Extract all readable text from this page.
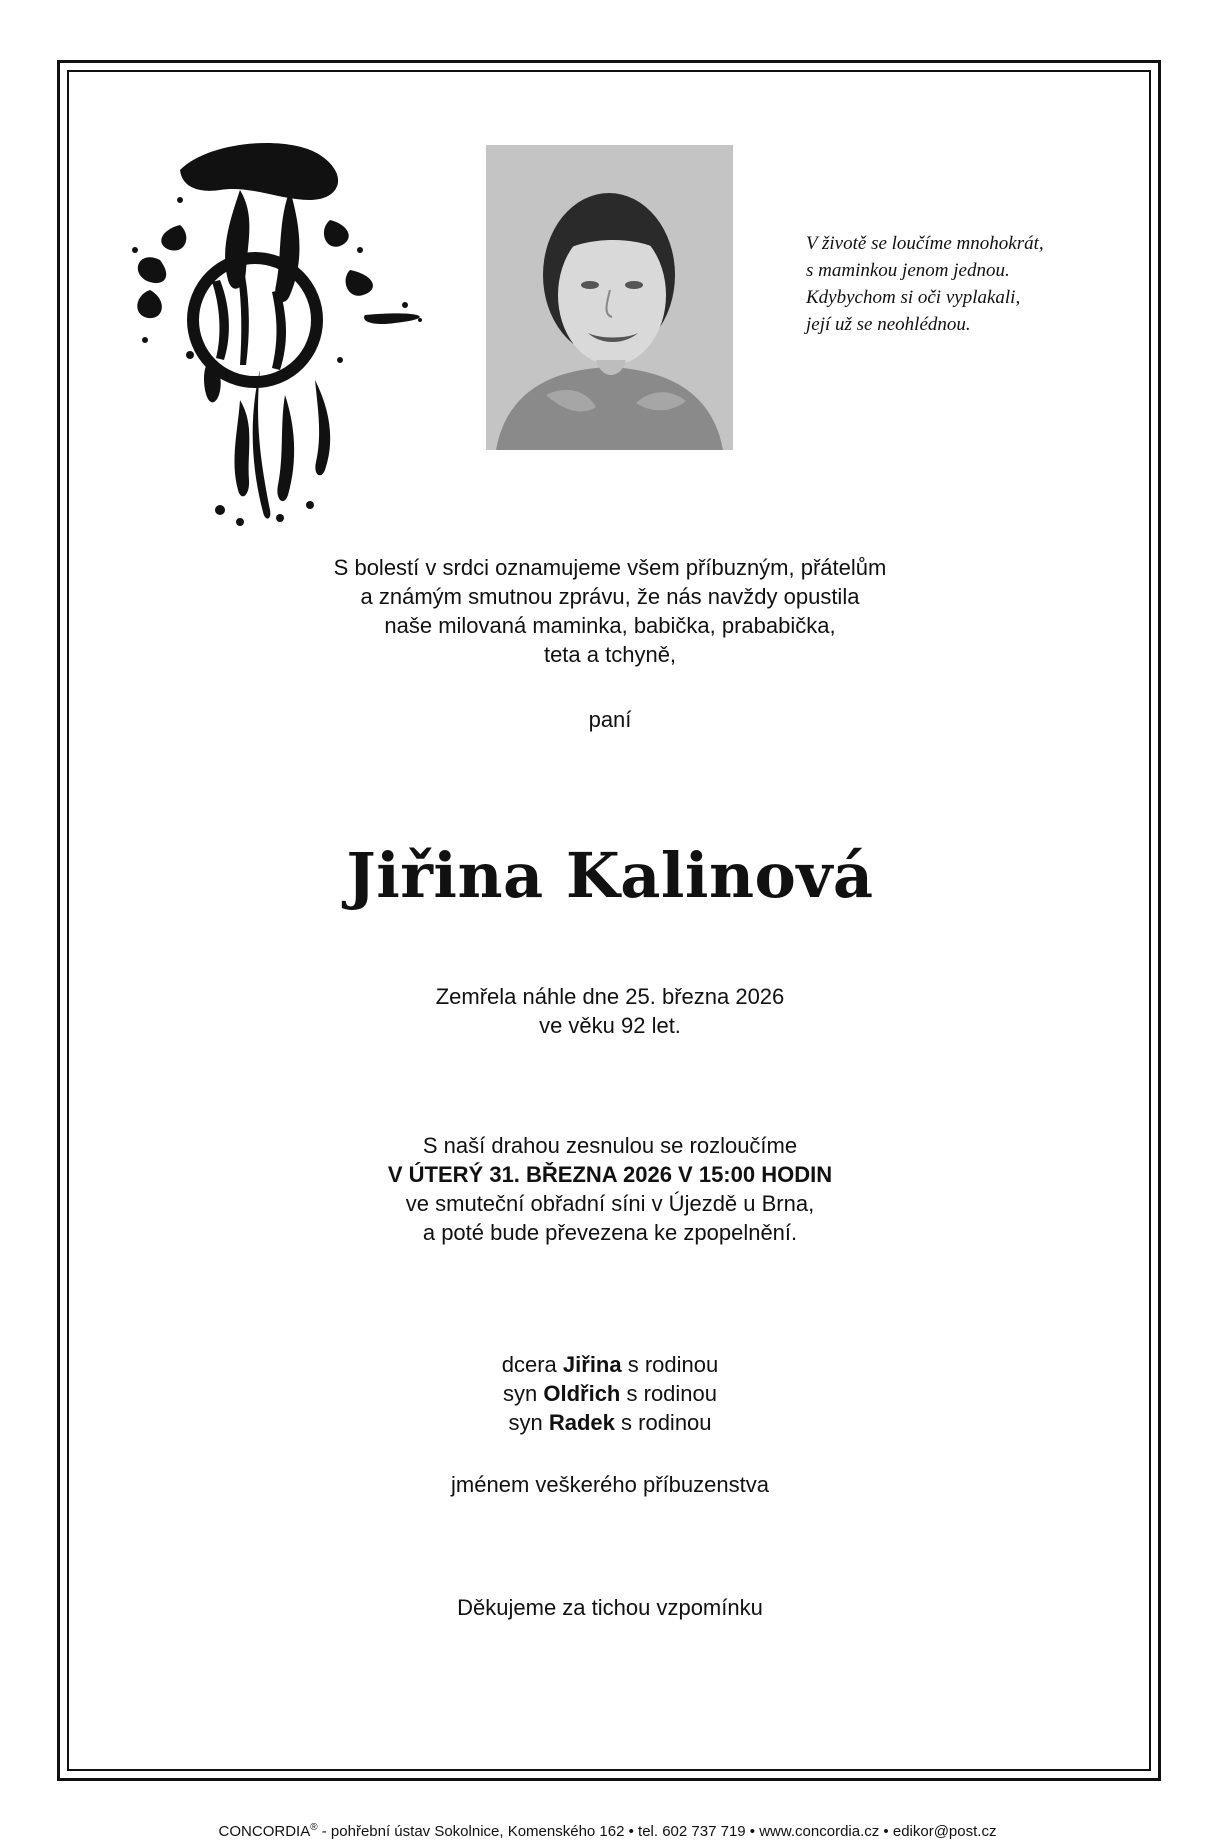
V životě se loučíme mnohokrát,
s maminkou jenom jednou.
Kdybychom si oči vyplakali,
její už se neohlédnou.
S bolestí v srdci oznamujeme všem příbuzným, přátelům
a známým smutnou zprávu, že nás navždy opustila
naše milovaná maminka, babička, prababička,
teta a tchyně,
paní
Jiřina Kalinová
Zemřela náhle dne 25. března 2026
ve věku 92 let.
S naší drahou zesnulou se rozloučíme
V ÚTERÝ 31. BŘEZNA 2026 V 15:00 HODIN
ve smuteční obřadní síni v Újezdě u Brna,
a poté bude převezena ke zpopelnění.
dcera Jiřina s rodinou
syn Oldřich s rodinou
syn Radek s rodinou
jménem veškerého příbuzenstva
Děkujeme za tichou vzpomínku
CONCORDIA® - pohřební ústav Sokolnice, Komenského 162 • tel. 602 737 719 • www.concordia.cz • edikor@post.cz
